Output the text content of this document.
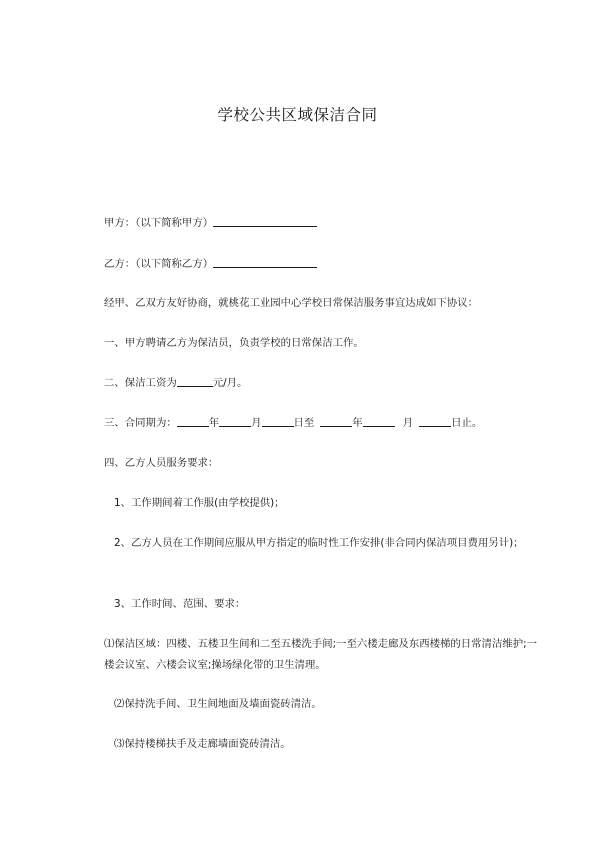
学校公共区域保洁合同
甲方：（以下简称甲方）
乙方：（以下简称乙方）
经甲、乙双方友好协商，就桃花工业园中心学校日常保洁服务事宜达成如下协议：
一、甲方聘请乙方为保洁员，负责学校的日常保洁工作。
二、保洁工资为	元/月。
三、合同期为：	年	月	日至	年	月	日止。
四、乙方人员服务要求：
1、工作期间着工作服(由学校提供)；
2、乙方人员在工作期间应服从甲方指定的临时性工作安排(非合同内保洁项目费用另计)；
3、工作时间、范围、要求：
⑴保洁区域：四楼、五楼卫生间和二至五楼洗手间;一至六楼走廊及东西楼梯的日常清洁维护;一楼会议室、六楼会议室;操场绿化带的卫生清理。
⑵保持洗手间、卫生间地面及墙面瓷砖清洁。
⑶保持楼梯扶手及走廊墙面瓷砖清洁。
